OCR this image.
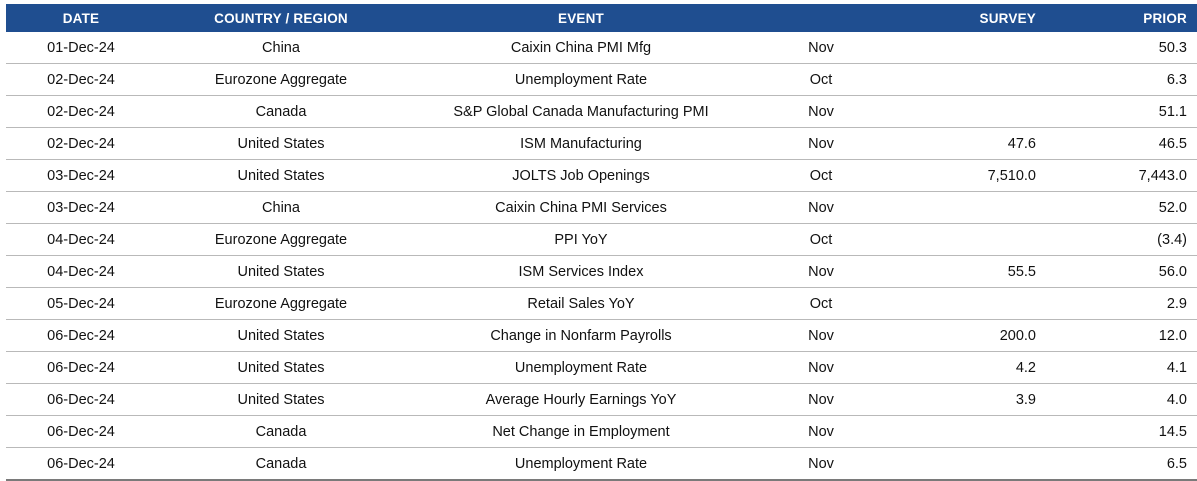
DATE	COUNTRY / REGION	EVENT		SURVEY	PRIOR
01-Dec-24	China	Caixin China PMI Mfg	Nov		50.3
02-Dec-24	Eurozone Aggregate	Unemployment Rate	Oct		6.3
02-Dec-24	Canada	S&P Global Canada Manufacturing PMI	Nov		51.1
02-Dec-24	United States	ISM Manufacturing	Nov	47.6	46.5
03-Dec-24	United States	JOLTS Job Openings	Oct	7,510.0	7,443.0
03-Dec-24	China	Caixin China PMI Services	Nov		52.0
04-Dec-24	Eurozone Aggregate	PPI YoY	Oct		(3.4)
04-Dec-24	United States	ISM Services Index	Nov	55.5	56.0
05-Dec-24	Eurozone Aggregate	Retail Sales YoY	Oct		2.9
06-Dec-24	United States	Change in Nonfarm Payrolls	Nov	200.0	12.0
06-Dec-24	United States	Unemployment Rate	Nov	4.2	4.1
06-Dec-24	United States	Average Hourly Earnings YoY	Nov	3.9	4.0
06-Dec-24	Canada	Net Change in Employment	Nov		14.5
06-Dec-24	Canada	Unemployment Rate	Nov		6.5
